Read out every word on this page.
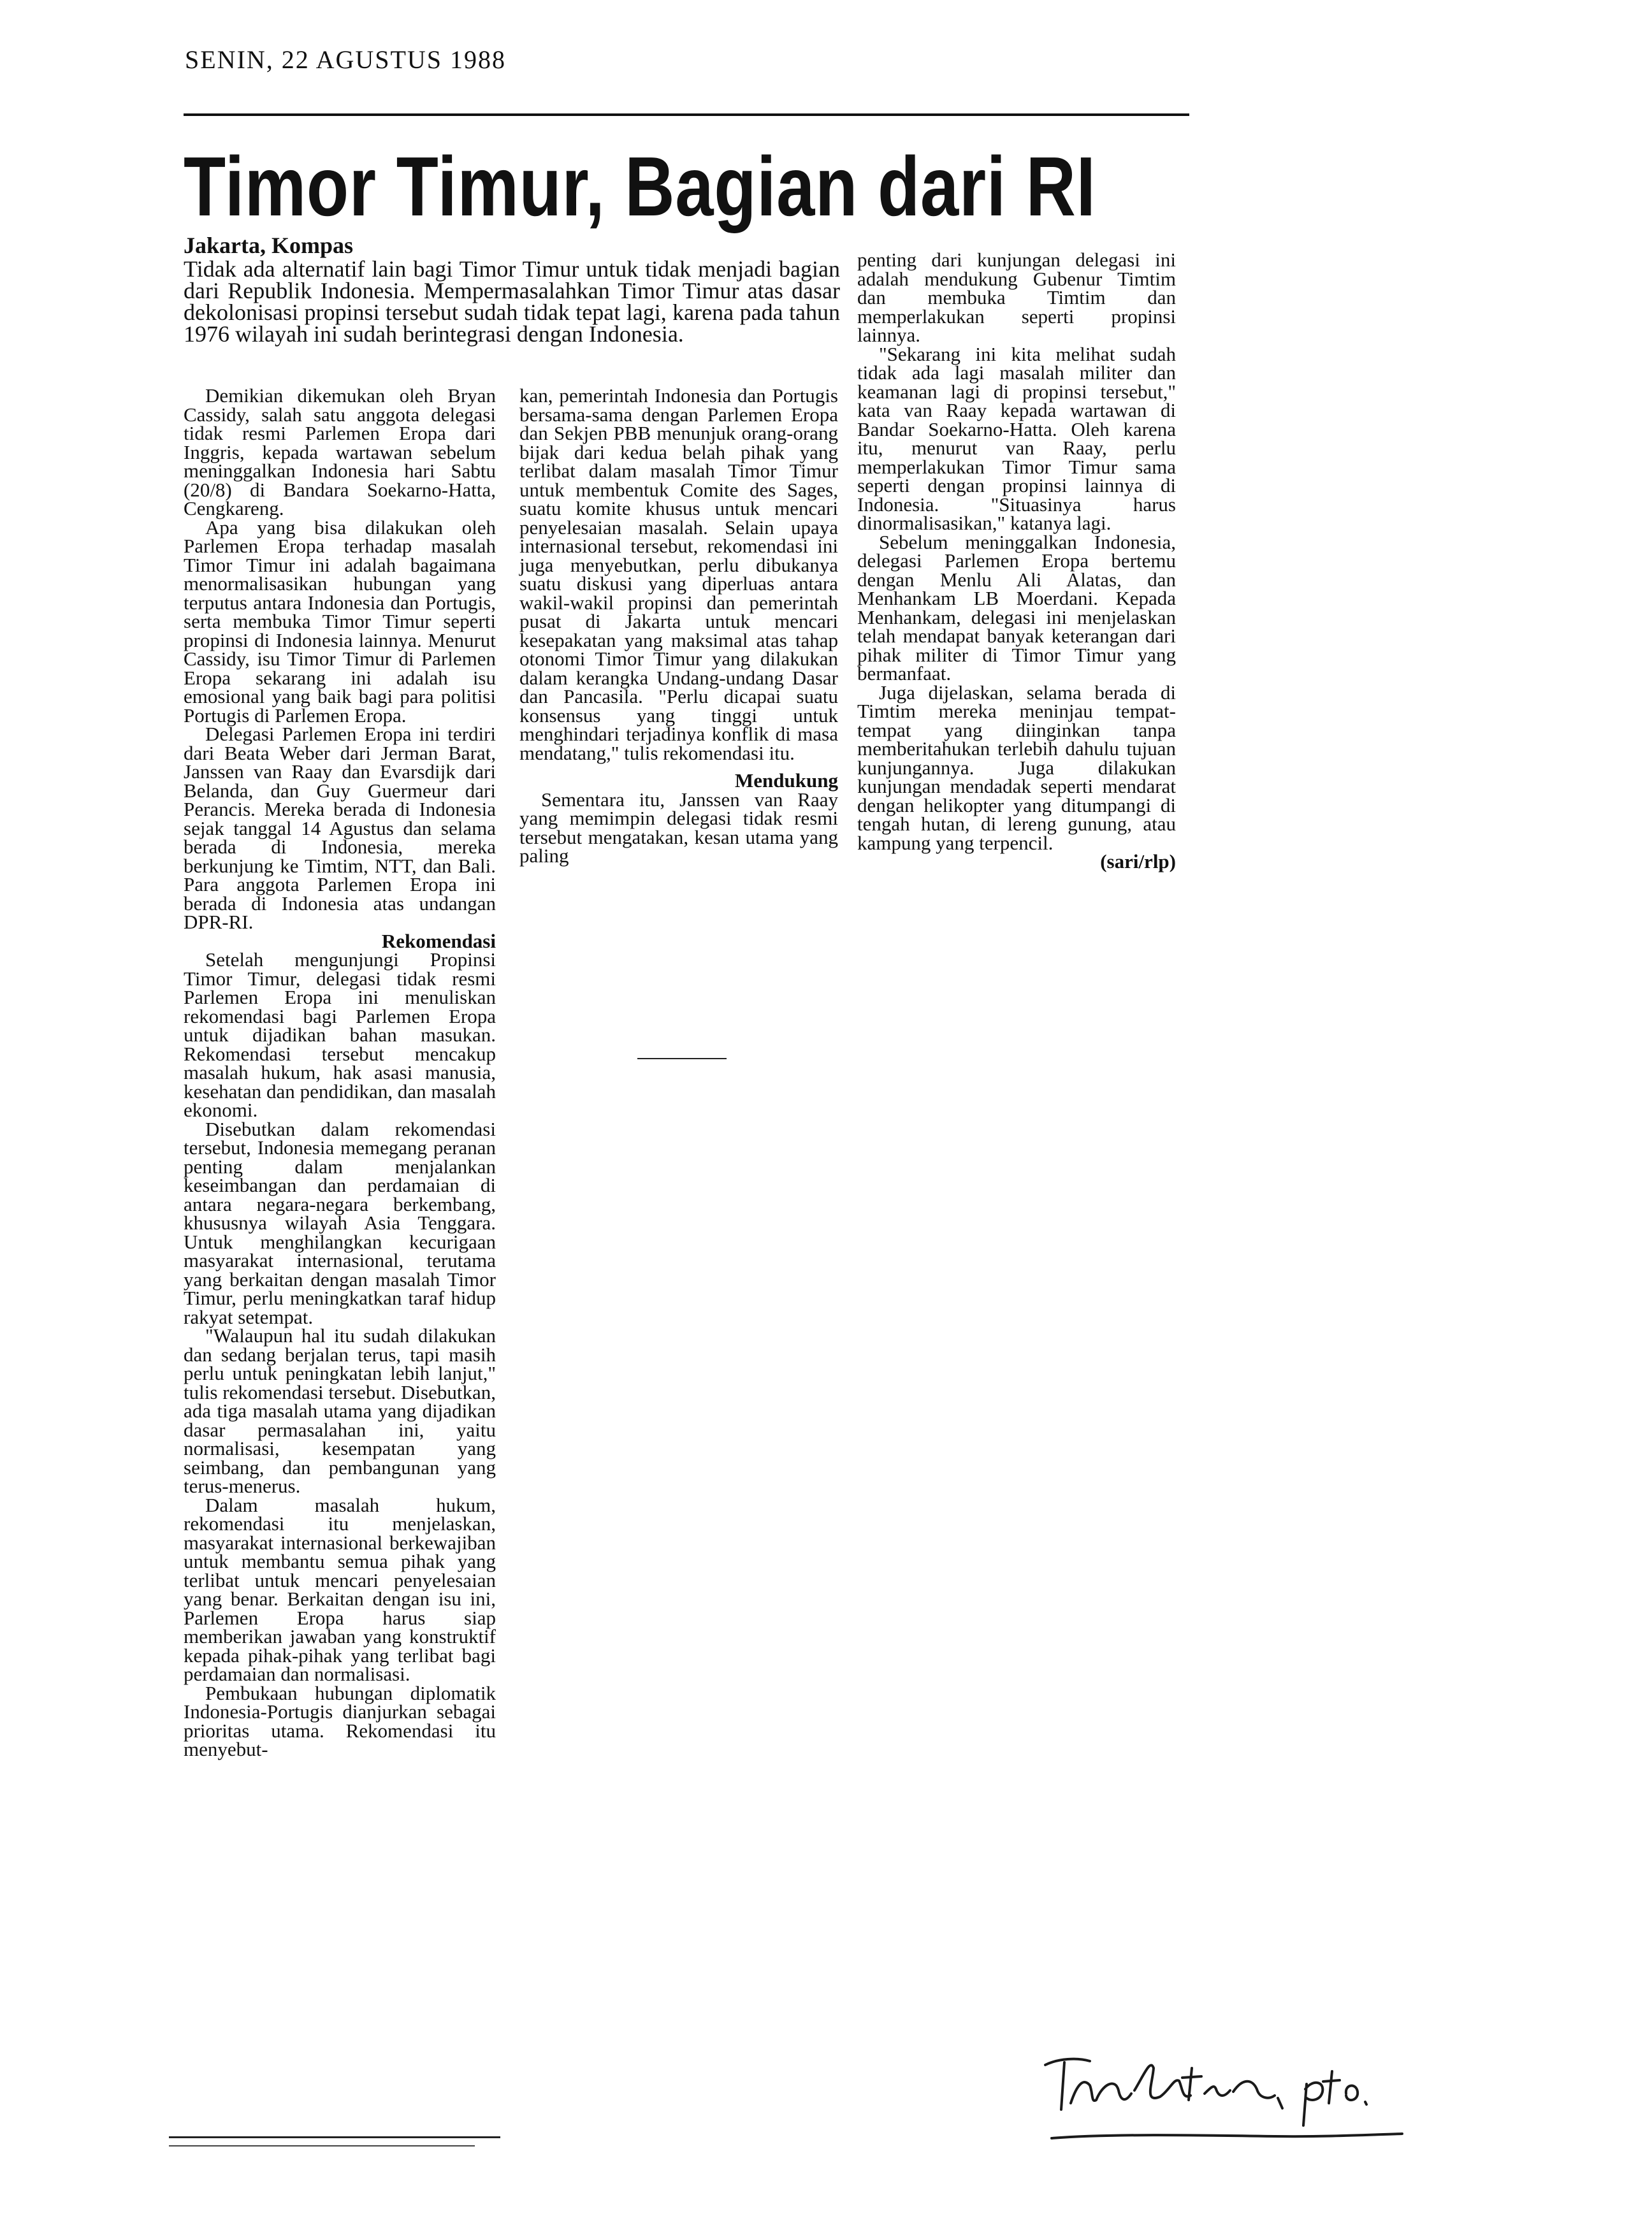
SENIN, 22 AGUSTUS 1988
Timor Timur, Bagian dari RI
Jakarta, Kompas

Tidak ada alternatif lain bagi Timor Timur untuk tidak menjadi bagian dari Republik Indonesia. Mempermasalahkan Timor Timur atas dasar dekolonisasi propinsi tersebut sudah tidak tepat lagi, karena pada tahun 1976 wilayah ini sudah berintegrasi dengan Indonesia.

Demikian dikemukan oleh Bryan Cassidy, salah satu anggota delegasi tidak resmi Parlemen Eropa dari Inggris, kepada wartawan sebelum meninggalkan Indonesia hari Sabtu (20/8) di Bandara Soekarno-Hatta, Cengkareng.

Apa yang bisa dilakukan oleh Parlemen Eropa terhadap masalah Timor Timur ini adalah bagaimana menormalisasikan hubungan yang terputus antara Indonesia dan Portugis, serta membuka Timor Timur seperti propinsi di Indonesia lainnya. Menurut Cassidy, isu Timor Timur di Parlemen Eropa sekarang ini adalah isu emosional yang baik bagi para politisi Portugis di Parlemen Eropa.

Delegasi Parlemen Eropa ini terdiri dari Beata Weber dari Jerman Barat, Janssen van Raay dan Evarsdijk dari Belanda, dan Guy Guermeur dari Perancis. Mereka berada di Indonesia sejak tanggal 14 Agustus dan selama berada di Indonesia, mereka berkunjung ke Timtim, NTT, dan Bali. Para anggota Parlemen Eropa ini berada di Indonesia atas undangan DPR-RI.

Rekomendasi

Setelah mengunjungi Propinsi Timor Timur, delegasi tidak resmi Parlemen Eropa ini menuliskan rekomendasi bagi Parlemen Eropa untuk dijadikan bahan masukan. Rekomendasi tersebut mencakup masalah hukum, hak asasi manusia, kesehatan dan pendidikan, dan masalah ekonomi.

Disebutkan dalam rekomendasi tersebut, Indonesia memegang peranan penting dalam menjalankan keseimbangan dan perdamaian di antara negara-negara berkembang, khususnya wilayah Asia Tenggara. Untuk menghilangkan kecurigaan masyarakat internasional, terutama yang berkaitan dengan masalah Timor Timur, perlu meningkatkan taraf hidup rakyat setempat.

"Walaupun hal itu sudah dilakukan dan sedang berjalan terus, tapi masih perlu untuk peningkatan lebih lanjut," tulis rekomendasi tersebut. Disebutkan, ada tiga masalah utama yang dijadikan dasar permasalahan ini, yaitu normalisasi, kesempatan yang seimbang, dan pembangunan yang terus-menerus.

Dalam masalah hukum, rekomendasi itu menjelaskan, masyarakat internasional berkewajiban untuk membantu semua pihak yang terlibat untuk mencari penyelesaian yang benar. Berkaitan dengan isu ini, Parlemen Eropa harus siap memberikan jawaban yang konstruktif kepada pihak-pihak yang terlibat bagi perdamaian dan normalisasi.

Pembukaan hubungan diplomatik Indonesia-Portugis dianjurkan sebagai prioritas utama. Rekomendasi itu menyebut-

kan, pemerintah Indonesia dan Portugis bersama-sama dengan Parlemen Eropa dan Sekjen PBB menunjuk orang-orang bijak dari kedua belah pihak yang terlibat dalam masalah Timor Timur untuk membentuk Comite des Sages, suatu komite khusus untuk mencari penyelesaian masalah. Selain upaya internasional tersebut, rekomendasi ini juga menyebutkan, perlu dibukanya suatu diskusi yang diperluas antara wakil-wakil propinsi dan pemerintah pusat di Jakarta untuk mencari kesepakatan yang maksimal atas tahap otonomi Timor Timur yang dilakukan dalam kerangka Undang-undang Dasar dan Pancasila. "Perlu dicapai suatu konsensus yang tinggi untuk menghindari terjadinya konflik di masa mendatang," tulis rekomendasi itu.

Mendukung

Sementara itu, Janssen van Raay yang memimpin delegasi tidak resmi tersebut mengatakan, kesan utama yang paling

penting dari kunjungan delegasi ini adalah mendukung Gubenur Timtim dan membuka Timtim dan memperlakukan seperti propinsi lainnya.

"Sekarang ini kita melihat sudah tidak ada lagi masalah militer dan keamanan lagi di propinsi tersebut," kata van Raay kepada wartawan di Bandar Soekarno-Hatta. Oleh karena itu, menurut van Raay, perlu memperlakukan Timor Timur sama seperti dengan propinsi lainnya di Indonesia. "Situasinya harus dinormalisasikan," katanya lagi.

Sebelum meninggalkan Indonesia, delegasi Parlemen Eropa bertemu dengan Menlu Ali Alatas, dan Menhankam LB Moerdani. Kepada Menhankam, delegasi ini menjelaskan telah mendapat banyak keterangan dari pihak militer di Timor Timur yang bermanfaat.

Juga dijelaskan, selama berada di Timtim mereka meninjau tempat-tempat yang diinginkan tanpa memberitahukan terlebih dahulu tujuan kunjungannya. Juga dilakukan kunjungan mendadak seperti mendarat dengan helikopter yang ditumpangi di tengah hutan, di lereng gunung, atau kampung yang terpencil.

(sari/rlp)
